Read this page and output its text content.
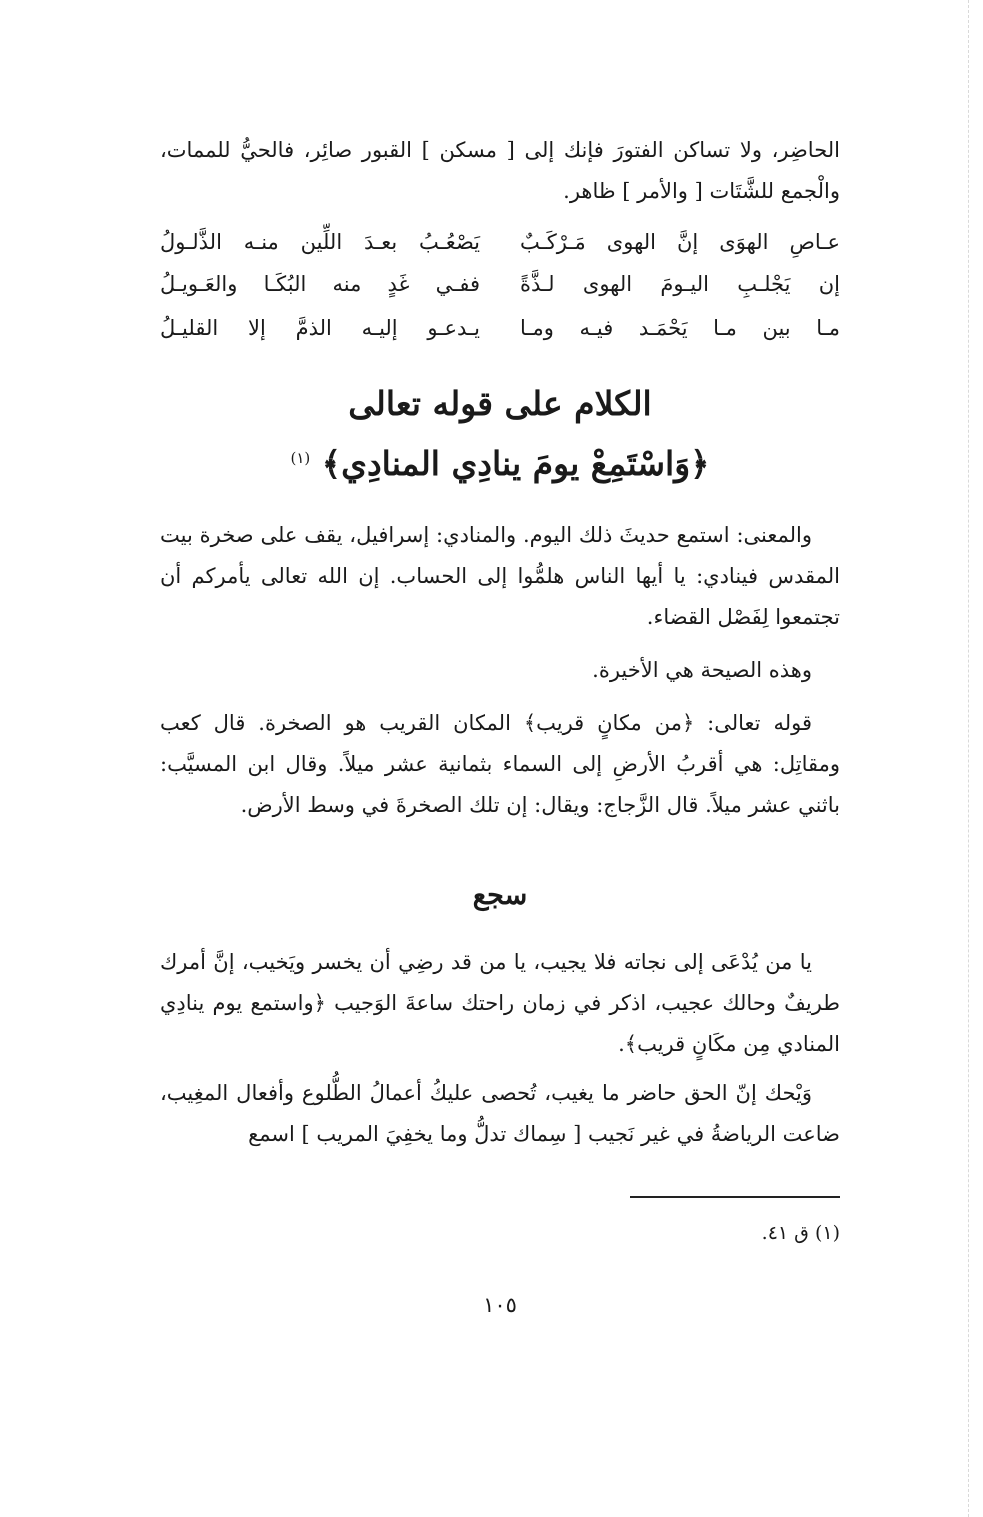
الحاضِر، ولا تساكن الفتورَ فإنك إلى [ مسكن ] القبور صائِر، فالحيُّ للممات، والْجمع للشَّتَات [ والأمر ] ظاهر.

عـاصِ الهوَى إنَّ الهوى مَـرْكَـبٌ
يَصْعُـبُ بعـدَ اللِّين منـه الذَّلـولُ
إن يَجْلـبِ اليـومَ الهوى لـذَّةً
ففـي غَدٍ منه البُكَـا والعَـويـلُ
مـا بين مـا يَحْمَـد فيـه ومـا
يـدعـو إليـه الذمَّ إلا القليـلُ
الكلام على قوله تعالى
﴿وَاسْتَمِعْ يومَ ينادِي المنادِي﴾ $^{(١)}$

والمعنى: استمع حديثَ ذلك اليوم. والمنادي: إسرافيل، يقف على صخرة بيت المقدس فينادي: يا أيها الناس هلمُّوا إلى الحساب. إن الله تعالى يأمركم أن تجتمعوا لِفَصْل القضاء.

وهذه الصيحة هي الأخيرة.

قوله تعالى: ﴿من مكانٍ قريب﴾ المكان القريب هو الصخرة. قال كعب ومقاتِل: هي أقربُ الأرضِ إلى السماء بثمانية عشر ميلاً. وقال ابن المسيَّب: باثني عشر ميلاً. قال الزَّجاج: ويقال: إن تلك الصخرةَ في وسط الأرض.

سجع

يا من يُدْعَى إلى نجاته فلا يجيب، يا من قد رضِي أن يخسر ويَخيب، إنَّ أمرك طريفٌ وحالك عجيب، اذكر في زمان راحتك ساعةَ الوَجيب ﴿واستمع يوم ينادِي المنادي مِن مكَانٍ قريب﴾.

وَيْحك إنّ الحق حاضر ما يغيب، تُحصى عليكُ أعمالُ الطُّلوع وأفعال المغِيب، ضاعت الرياضةُ في غير نَجيب [ سِماك تدلُّ وما يخفِيَ المريب ] اسمع

(١) ق ٤١.
١٠٥
